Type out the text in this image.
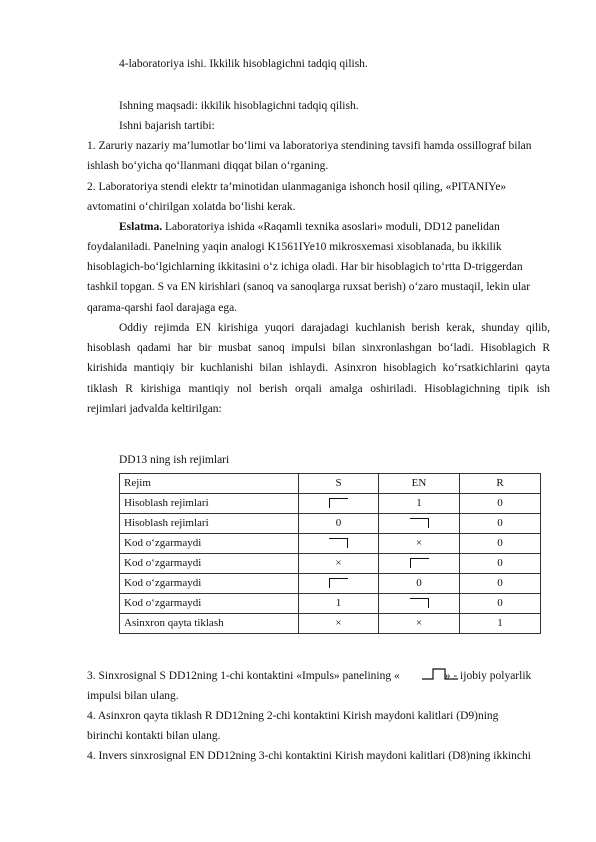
4-laboratoriya ishi. Ikkilik hisoblagichni tadqiq qilish.
Ishning maqsadi: ikkilik hisoblagichni tadqiq qilish.
Ishni bajarish tartibi:
1. Zaruriy nazariy ma’lumotlar bo‘limi va laboratoriya stendining tavsifi hamda ossillograf bilan
ishlash bo‘yicha qo‘llanmani diqqat bilan o‘rganing.
2. Laboratoriya stendi elektr ta’minotidan ulanmaganiga ishonch hosil qiling, «PITANIYe»
avtomatini o‘chirilgan xolatda bo‘lishi kerak.
Eslatma. Laboratoriya ishida «Raqamli texnika asoslari» moduli, DD12 panelidan
foydalaniladi. Panelning yaqin analogi K1561IYe10 mikrosxemasi xisoblanada, bu ikkilik
hisoblagich-bo‘lgichlarning ikkitasini o‘z ichiga oladi. Har bir hisoblagich to‘rtta D-triggerdan
tashkil topgan. S va EN kirishlari (sanoq va sanoqlarga ruxsat berish) o‘zaro mustaqil, lekin ular
qarama-qarshi faol darajaga ega.
Oddiy rejimda EN kirishiga yuqori darajadagi kuchlanish berish kerak, shunday qilib,
hisoblash qadami har bir musbat sanoq impulsi bilan sinxronlashgan bo‘ladi. Hisoblagich R
kirishida mantiqiy bir kuchlanishi bilan ishlaydi. Asinxron hisoblagich ko‘rsatkichlarini qayta
tiklash R kirishiga mantiqiy nol berish orqali amalga oshiriladi. Hisoblagichning tipik ish
rejimlari jadvalda keltirilgan:
DD13 ning ish rejimlari
Rejim	S	EN	R
Hisoblash rejimlari		1	0
Hisoblash rejimlari	0		0
Kod o‘zgarmaydi		×	0
Kod o‘zgarmaydi	×		0
Kod o‘zgarmaydi		0	0
Kod o‘zgarmaydi	1		0
Asinxron qayta tiklash	×	×	1
3. Sinxrosignal S DD12ning 1-chi kontaktini «Impuls» panelining «	» - ijobiy polyarlik
impulsi bilan ulang.
4. Asinxron qayta tiklash R DD12ning 2-chi kontaktini Kirish maydoni kalitlari (D9)ning
birinchi kontakti bilan ulang.
4. Invers sinxrosignal EN DD12ning 3-chi kontaktini Kirish maydoni kalitlari (D8)ning ikkinchi
